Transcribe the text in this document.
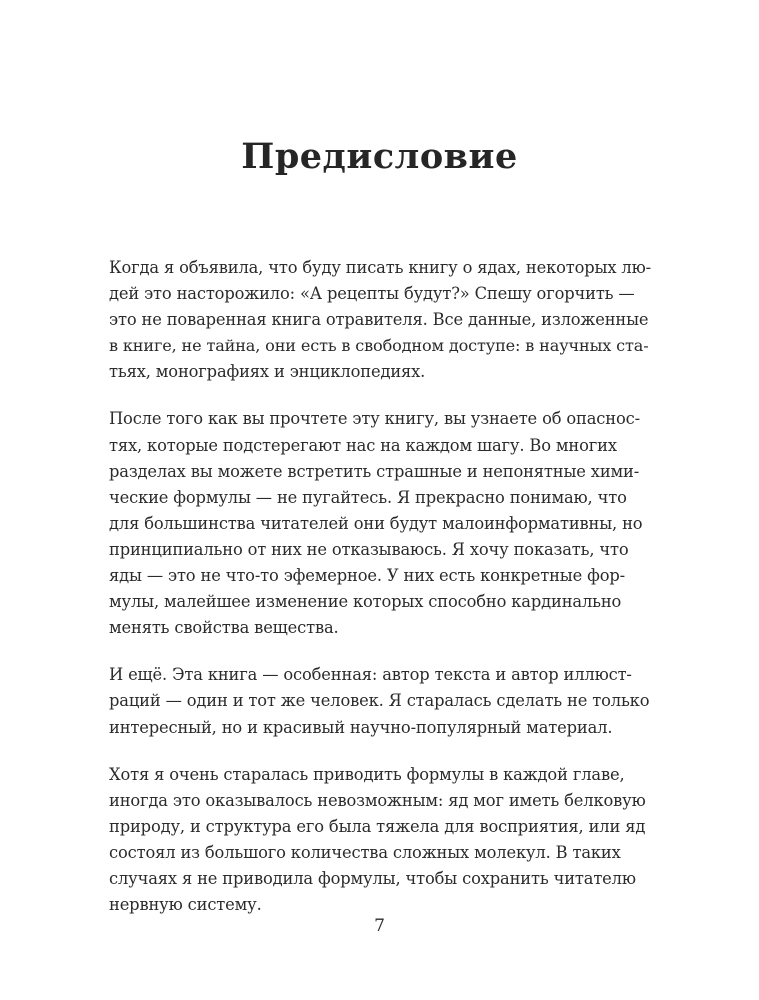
Предисловие

Когда я объявила, что буду писать книгу о ядах, некоторых лю-
дей это насторожило: «А рецепты будут?» Спешу огорчить —
это не поваренная книга отравителя. Все данные, изложенные
в книге, не тайна, они есть в свободном доступе: в научных ста-
тьях, монографиях и энциклопедиях.

После того как вы прочтете эту книгу, вы узнаете об опаснос-
тях, которые подстерегают нас на каждом шагу. Во многих
разделах вы можете встретить страшные и непонятные хими-
ческие формулы — не пугайтесь. Я прекрасно понимаю, что
для большинства читателей они будут малоинформативны, но
принципиально от них не отказываюсь. Я хочу показать, что
яды — это не что-то эфемерное. У них есть конкретные фор-
мулы, малейшее изменение которых способно кардинально
менять свойства вещества.

И ещё. Эта книга — особенная: автор текста и автор иллюст-
раций — один и тот же человек. Я старалась сделать не только
интересный, но и красивый научно-популярный материал.

Хотя я очень старалась приводить формулы в каждой главе,
иногда это оказывалось невозможным: яд мог иметь белковую
природу, и структура его была тяжела для восприятия, или яд
состоял из большого количества сложных молекул. В таких
случаях я не приводила формулы, чтобы сохранить читателю
нервную систему.

7
